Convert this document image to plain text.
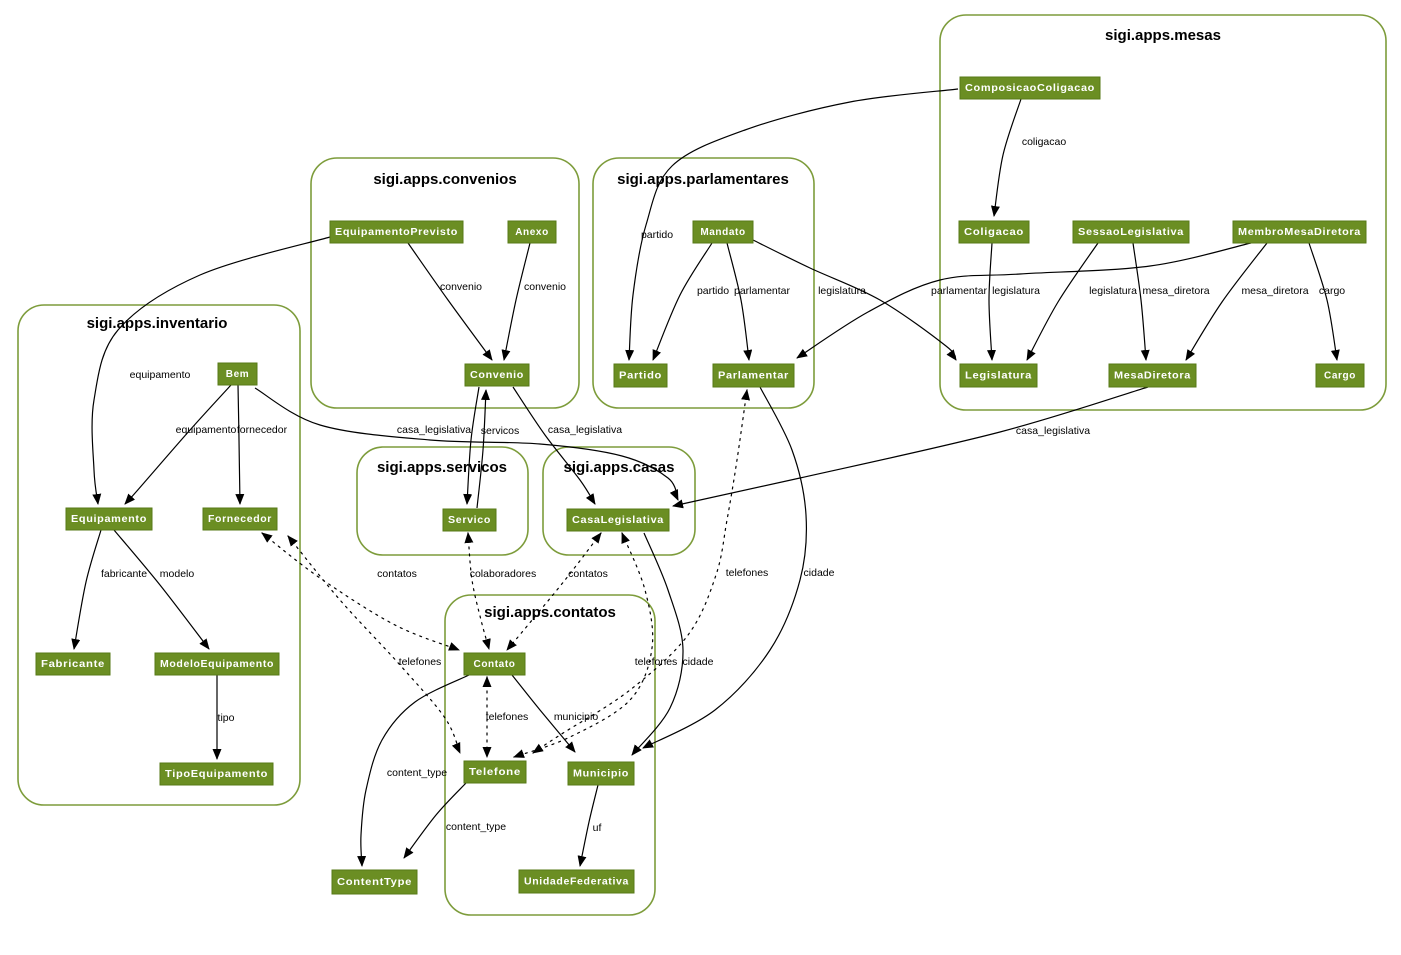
sigi.apps.mesas
sigi.apps.convenios	sigi.apps.parlamentares
sigi.apps.inventario
sigi.apps.servicos	sigi.apps.casas
sigi.apps.contatos
ComposicaoColigacao
Coligacao	SessaoLegislativa	MembroMesaDiretora
Legislatura	MesaDiretora	Cargo
EquipamentoPrevisto	Anexo
Convenio
Mandato
Partido	Parlamentar
Bem
Equipamento	Fornecedor
Fabricante	ModeloEquipamento
TipoEquipamento
Servico	CasaLegislativa
Contato
Telefone	Municipio
UnidadeFederativa
ContentType
coligacao
legislatura	legislatura mesa_diretora	mesa_diretora cargo
parlamentar
partido
legislatura
casa_legislativa
convenio	convenio
equipamento
partido parlamentar
equipamento fornecedor
fabricante modelo
tipo
casa_legislativa servicos	casa_legislativa
cidade
telefones
contatos
telefones cidade
telefones municipio
content_type
content_type	uf
contatos
telefones
colaboradores
